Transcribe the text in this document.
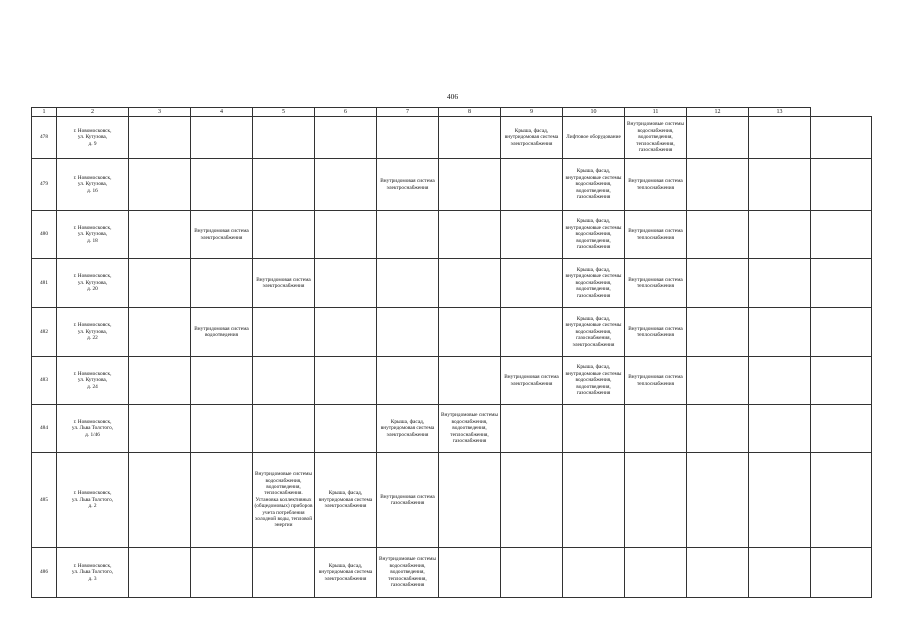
406
1	2	3	4	5	6	7	8	9	10	11	12	13	
478	г. Новомосковск,
ул. Кутузова,
д. 9							Крыша, фасад, внутридомовая система электроснабжения	Лифтовое оборудование	Внутридомовые системы водоснабжения, водоотведения, теплоснабжения, газоснабжения			
479	г. Новомосковск,
ул. Кутузова,
д. 16					Внутридомовая система электроснабжения			Крыша, фасад, внутридомовые системы водоснабжения, водоотведения, газоснабжения	Внутридомовая система теплоснабжения			
480	г. Новомосковск,
ул. Кутузова,
д. 18		Внутридомовая система электроснабжения						Крыша, фасад, внутридомовые системы водоснабжения, водоотведения, газоснабжения	Внутридомовая система теплоснабжения			
481	г. Новомосковск,
ул. Кутузова,
д. 20			Внутридомовая система электроснабжения					Крыша, фасад, внутридомовые системы водоснабжения, водоотведения, газоснабжения	Внутридомовая система теплоснабжения			
482	г. Новомосковск,
ул. Кутузова,
д. 22		Внутридомовая система водоотведения						Крыша, фасад, внутридомовые системы водоснабжения, газоснабжения, электроснабжения	Внутридомовая система теплоснабжения			
483	г. Новомосковск,
ул. Кутузова,
д. 24							Внутридомовая система электроснабжения	Крыша, фасад, внутридомовые системы водоснабжения, водоотведения, газоснабжения	Внутридомовая система теплоснабжения			
484	г. Новомосковск,
ул. Льва Толстого,
д. 1/46					Крыша, фасад, внутридомовая система электроснабжения	Внутридомовые системы водоснабжения, водоотведения, теплоснабжения, газоснабжения						
485	г. Новомосковск,
ул. Льва Толстого,
д. 2			Внутридомовые системы водоснабжения, водоотведения, теплоснабжения. Установка коллективных (общедомовых) приборов учета потребления холодной воды, тепловой энергии	Крыша, фасад, внутридомовая система электроснабжения	Внутридомовая система газоснабжения							
486	г. Новомосковск,
ул. Льва Толстого,
д. 3				Крыша, фасад, внутридомовая система электроснабжения	Внутридомовые системы водоснабжения, водоотведения, теплоснабжения, газоснабжения							
